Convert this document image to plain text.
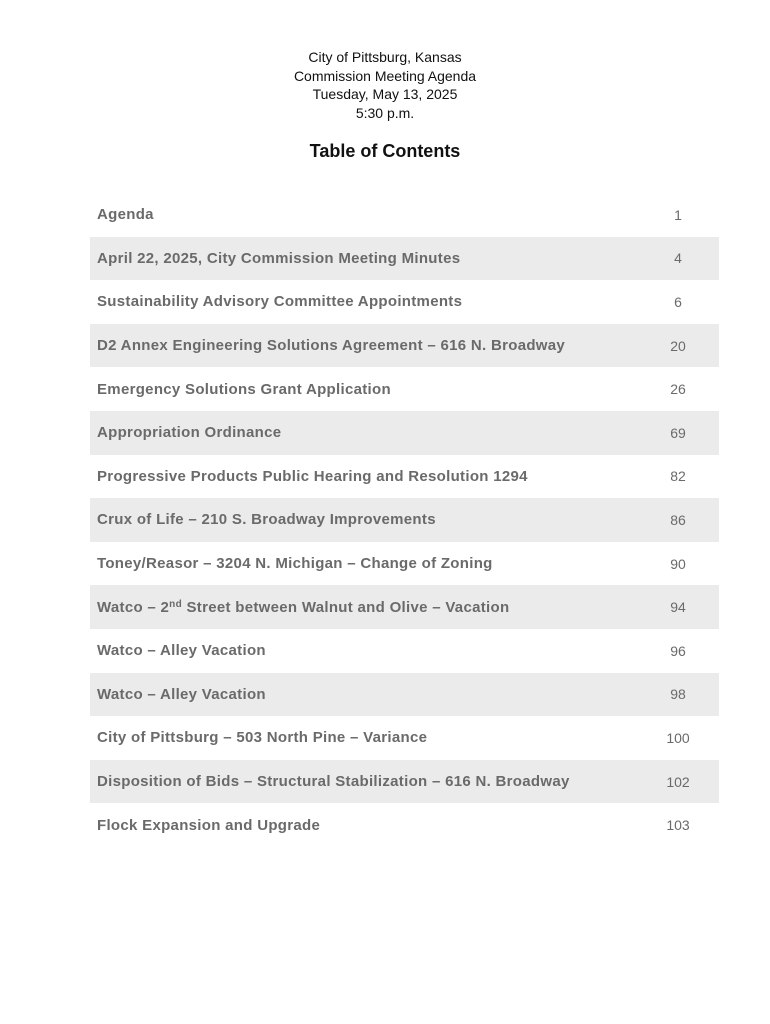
City of Pittsburg, Kansas
Commission Meeting Agenda
Tuesday, May 13, 2025
5:30 p.m.
Table of Contents
Agenda	1
April 22, 2025, City Commission Meeting Minutes	4
Sustainability Advisory Committee Appointments	6
D2 Annex Engineering Solutions Agreement – 616 N. Broadway	20
Emergency Solutions Grant Application	26
Appropriation Ordinance	69
Progressive Products Public Hearing and Resolution 1294	82
Crux of Life – 210 S. Broadway Improvements	86
Toney/Reasor – 3204 N. Michigan – Change of Zoning	90
Watco – 2nd Street between Walnut and Olive – Vacation	94
Watco – Alley Vacation	96
Watco – Alley Vacation	98
City of Pittsburg – 503 North Pine – Variance	100
Disposition of Bids – Structural Stabilization – 616 N. Broadway	102
Flock Expansion and Upgrade	103
